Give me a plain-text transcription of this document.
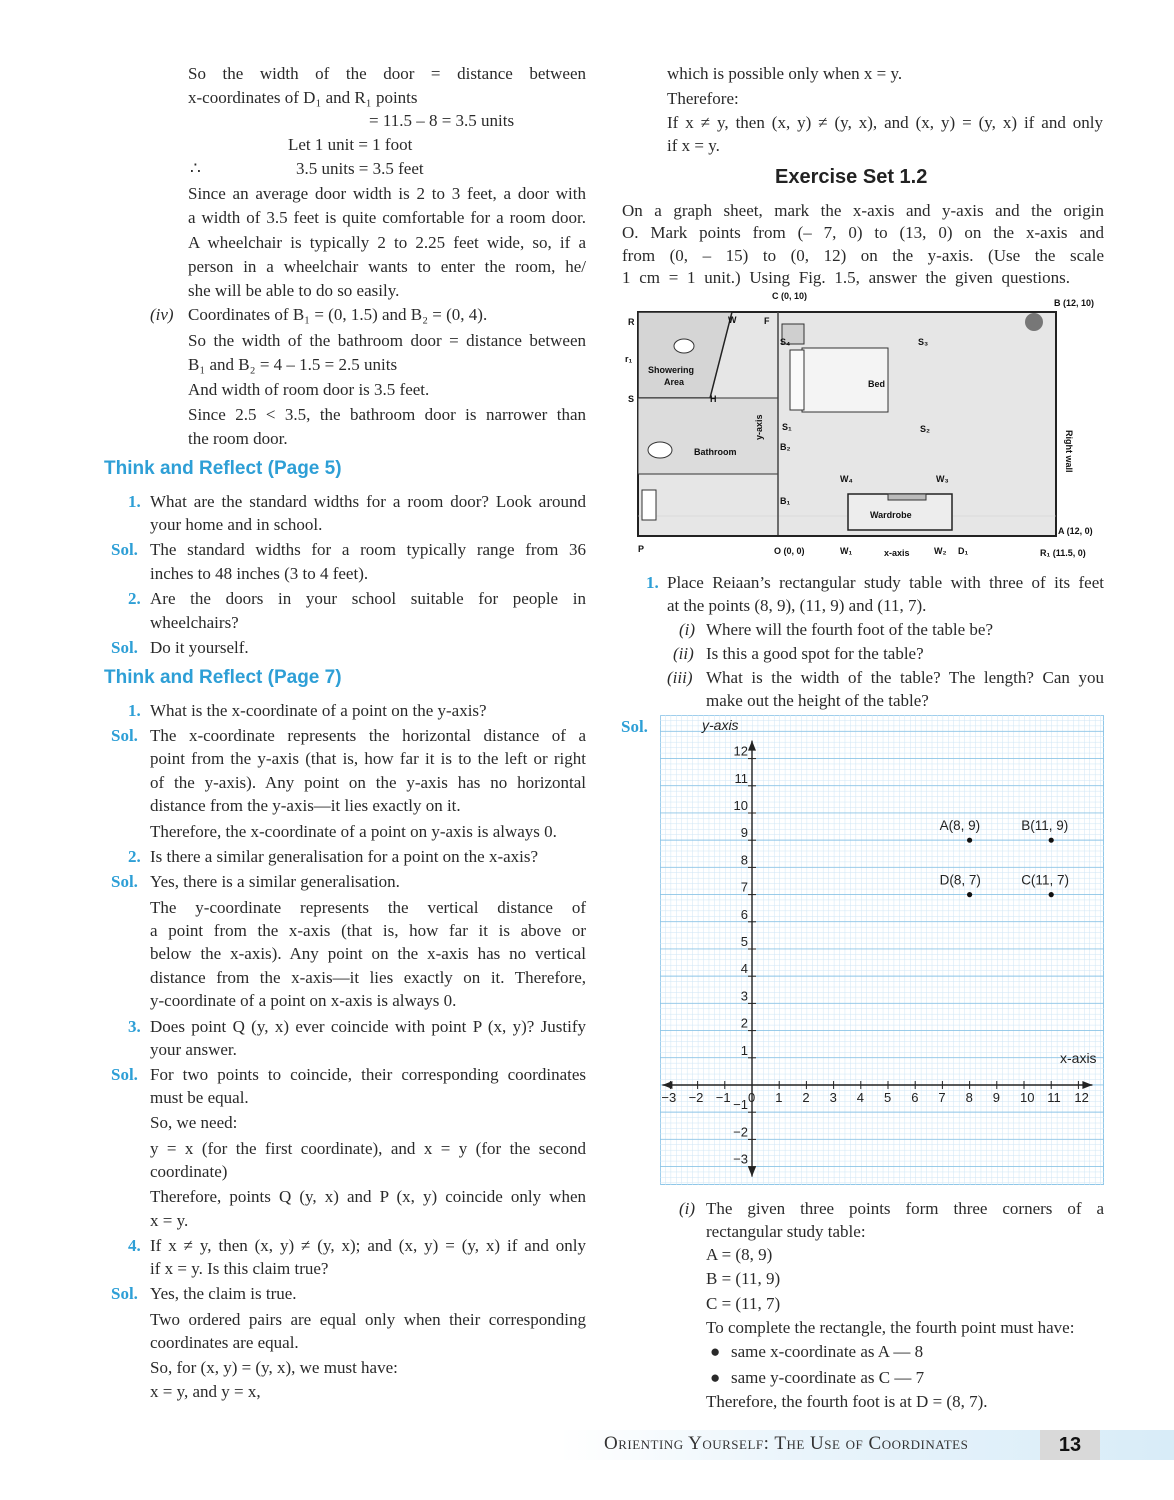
So the width of the door = distance between
x-coordinates of D₁ and R₁ points
= 11.5 – 8 = 3.5 units
Let 1 unit = 1 foot
∴	3.5 units = 3.5 feet
Since an average door width is 2 to 3 feet, a door with
a width of 3.5 feet is quite comfortable for a room door.
A wheelchair is typically 2 to 2.25 feet wide, so, if a
person in a wheelchair wants to enter the room, he/
she will be able to do so easily.
(iv) Coordinates of B₁ = (0, 1.5) and B₂ = (0, 4).
So the width of the bathroom door = distance between
B₁ and B₂ = 4 – 1.5 = 2.5 units
And width of room door is 3.5 feet.
Since 2.5 < 3.5, the bathroom door is narrower than
the room door.
Think and Reflect (Page 5)
1. What are the standard widths for a room door? Look around
your home and in school.
Sol. The standard widths for a room typically range from 36
inches to 48 inches (3 to 4 feet).
2. Are the doors in your school suitable for people in
wheelchairs?
Sol. Do it yourself.
Think and Reflect (Page 7)
1. What is the x-coordinate of a point on the y-axis?
Sol. The x-coordinate represents the horizontal distance of a
point from the y-axis (that is, how far it is to the left or right
of the y-axis). Any point on the y-axis has no horizontal
distance from the y-axis—it lies exactly on it.
Therefore, the x-coordinate of a point on y-axis is always 0.
2. Is there a similar generalisation for a point on the x-axis?
Sol. Yes, there is a similar generalisation.
The y-coordinate represents the vertical distance of
a point from the x-axis (that is, how far it is above or
below the x-axis). Any point on the x-axis has no vertical
distance from the x-axis—it lies exactly on it. Therefore,
y-coordinate of a point on x-axis is always 0.
3. Does point Q (y, x) ever coincide with point P (x, y)? Justify
your answer.
Sol. For two points to coincide, their corresponding coordinates
must be equal.
So, we need:
y = x (for the first coordinate), and x = y (for the second
coordinate)
Therefore, points Q (y, x) and P (x, y) coincide only when
x = y.
4. If x ≠ y, then (x, y) ≠ (y, x); and (x, y) = (y, x) if and only
if x = y. Is this claim true?
Sol. Yes, the claim is true.
Two ordered pairs are equal only when their corresponding
coordinates are equal.
So, for (x, y) = (y, x), we must have:
x = y, and y = x,
which is possible only when x = y.
Therefore:
If x ≠ y, then (x, y) ≠ (y, x), and (x, y) = (y, x) if and only
if x = y.
Exercise Set 1.2
On a graph sheet, mark the x-axis and y-axis and the origin
O. Mark points from (– 7, 0) to (13, 0) on the x-axis and
from (0, – 15) to (0, 12) on the y-axis. (Use the scale
1 cm = 1 unit.) Using Fig. 1.5, answer the given questions.
C (0, 10)
B (12, 10)
R	W	F
r₁
S	H
Showering
Area
Bathroom
Bed
S₄	S₃
S₁	S₂
B₂
B₁
W₄	W₃
Wardrobe
A (12, 0)
W₁	x-axis	W₂ D₁
O (0, 0)	R₁ (11.5, 0)
P
Right wall
y-axis
1. Place Reiaan’s rectangular study table with three of its feet
at the points (8, 9), (11, 9) and (11, 7).
(i) Where will the fourth foot of the table be?
(ii) Is this a good spot for the table?
(iii) What is the width of the table? The length? Can you
make out the height of the table?
Sol.
−3 −2 −1 0 1 2 3 4 5 6 7 8 9 10 11 12
−3
−2
−1
1
2
3
4
5
6
7
8
9
10
11
12
A(8, 9)	B(11, 9)
D(8, 7)	C(11, 7)
x-axis
y-axis
(i) The given three points form three corners of a
rectangular study table:
A = (8, 9)
B = (11, 9)
C = (11, 7)
To complete the rectangle, the fourth point must have:
● same x-coordinate as A — 8
● same y-coordinate as C — 7
Therefore, the fourth foot is at D = (8, 7).
Orienting Yourself: The Use of Coordinates	13
